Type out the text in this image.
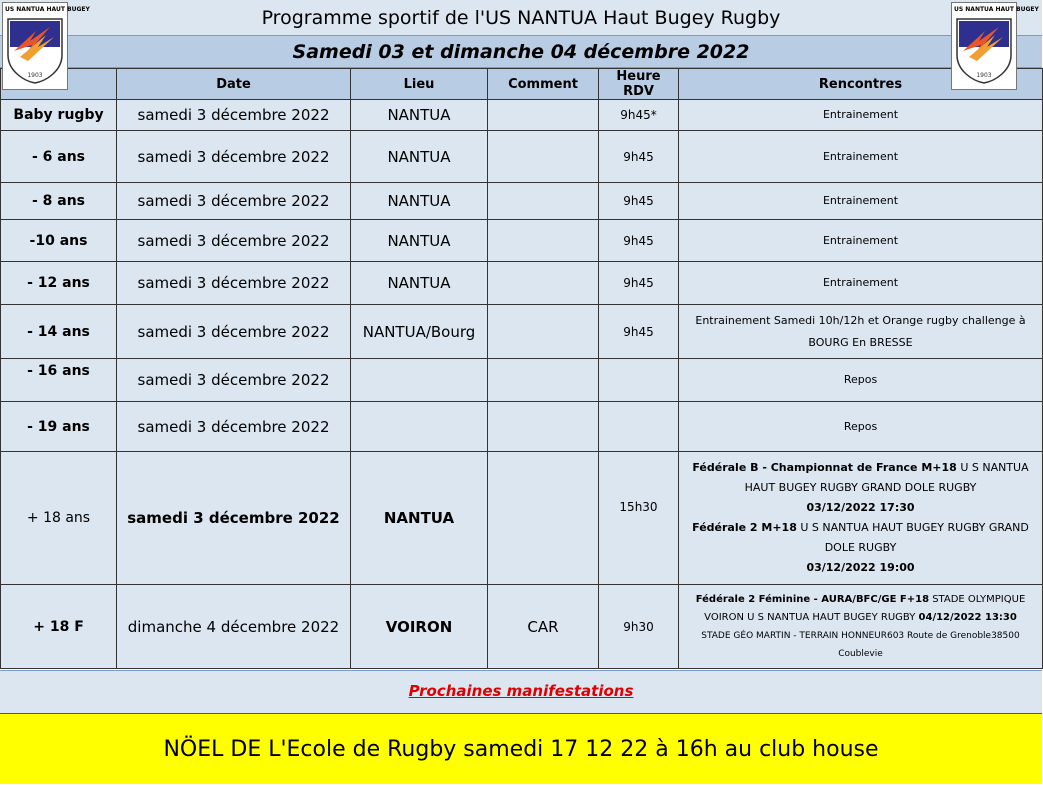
Programme sportif de l'US NANTUA Haut Bugey Rugby
Samedi 03 et dimanche 04 décembre 2022
US NANTUA HAUT BUGEY
1903
US NANTUA HAUT BUGEY
1903
	Date	Lieu	Comment	Heure RDV	Rencontres
Baby rugby	samedi 3 décembre 2022	NANTUA		9h45*	Entrainement
- 6 ans	samedi 3 décembre 2022	NANTUA		9h45	Entrainement
- 8 ans	samedi 3 décembre 2022	NANTUA		9h45	Entrainement
-10 ans	samedi 3 décembre 2022	NANTUA		9h45	Entrainement
- 12 ans	samedi 3 décembre 2022	NANTUA		9h45	Entrainement
- 14 ans	samedi 3 décembre 2022	NANTUA/Bourg		9h45	Entrainement Samedi 10h/12h et Orange rugby challenge à BOURG En BRESSE
- 16 ans	samedi 3 décembre 2022				Repos
- 19 ans	samedi 3 décembre 2022				Repos
+ 18 ans	samedi 3 décembre 2022	NANTUA		15h30	Fédérale B - Championnat de France M+18 U S NANTUA HAUT BUGEY RUGBY GRAND DOLE RUGBY
03/12/2022 17:30
Fédérale 2 M+18 U S NANTUA HAUT BUGEY RUGBY GRAND DOLE RUGBY
03/12/2022 19:00
+ 18 F	dimanche 4 décembre 2022	VOIRON	CAR	9h30	Fédérale 2 Féminine - AURA/BFC/GE F+18 STADE OLYMPIQUE VOIRON U S NANTUA HAUT BUGEY RUGBY 04/12/2022 13:30
STADE GÉO MARTIN - TERRAIN HONNEUR603 Route de Grenoble38500 Coublevie
Prochaines manifestations
NÖEL DE L'Ecole de Rugby samedi 17 12 22 à 16h au club house
